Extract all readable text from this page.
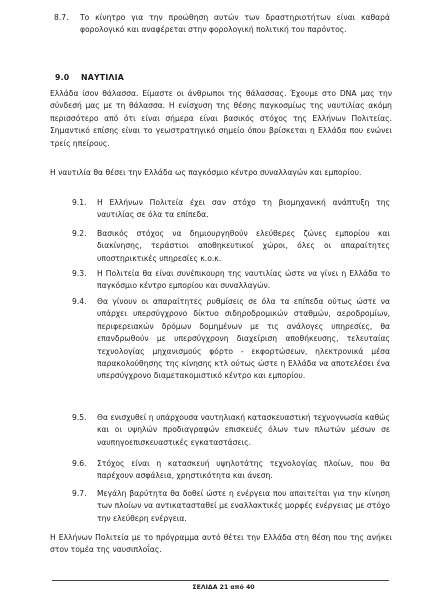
8.7. Το κίνητρο για την προώθηση αυτών των δραστηριοτήτων είναι καθαρά φορολογικό και αναφέρεται στην φορολογική πολιτική του παρόντος.
9.0 ΝΑΥΤΙΛΙΑ
Ελλάδα ίσον θάλασσα. Είμαστε οι άνθρωποι της θάλασσας. Έχουμε στο DNA μας την σύνδεσή μας με τη θάλασσα. Η ενίσχυση της θέσης παγκοσμίως της ναυτιλίας ακόμη περισσότερο από ότι είναι σήμερα είναι βασικός στόχος της Ελλήνων Πολιτείας. Σημαντικό επίσης είναι το γεωστρατηγικό σημείο όπου βρίσκεται η Ελλάδα που ενώνει τρείς ηπείρους.
Η ναυτιλία θα θέσει την Ελλάδα ως παγκόσμιο κέντρο συναλλαγών και εμπορίου.
9.1. Η Ελλήνων Πολιτεία έχει σαν στόχο τη βιομηχανική ανάπτυξη της ναυτιλίας σε όλα τα επίπεδα.
9.2. Βασικός στόχος να δημιουργηθούν ελεύθερες ζώνες εμπορίου και διακίνησης, τεράστιοι αποθηκευτικοί χώροι, όλες οι απαραίτητες υποστηρικτικές υπηρεσίες κ.ο.κ.
9.3. Η Πολιτεία θα είναι συνέπικουρη της ναυτιλίας ώστε να γίνει η Ελλάδα το παγκόσμιο κέντρο εμπορίου και συναλλαγών.
9.4. Θα γίνουν οι απαραίτητες ρυθμίσεις σε όλα τα επίπεδα ούτως ώστε να υπάρχει υπερσύγχρονο δίκτυο σιδηροδρομικών σταθμών, αεροδρομίων, περιφερειακών δρόμων δομημένων με τις ανάλογες υπηρεσίες, θα επανδρωθούν με υπερσύγχρονη διαχείριση αποθήκευσης, τελευταίας τεχνολογίας μηχανισμούς φόρτο - εκφορτώσεων, ηλεκτρονικά μέσα παρακολούθησης της κίνησης κτλ ούτως ώστε η Ελλάδα να αποτελέσει ένα υπερσύγχρονο διαμετακομιστικό κέντρο και εμπορίου.
9.5. Θα ενισχυθεί η υπάρχουσα ναυτηλιακή κατασκευαστική τεχνογνωσία καθώς και οι υψηλών προδιαγραφών επισκευές όλων των πλωτών μέσων σε ναυπηγοεπισκευαστικές εγκαταστάσεις.
9.6. Στόχος είναι η κατασκευή υψηλοτάτης τεχνολογίας πλοίων, που θα παρέχουν ασφάλεια, χρηστικότητα και άνεση.
9.7. Μεγάλη βαρύτητα θα δοθεί ώστε η ενέργεια που απαιτείται για την κίνηση των πλοίων να αντικατασταθεί με εναλλακτικές μορφές ενέργειας με στόχο την ελεύθερη ενέργεια.
Η Ελλήνων Πολιτεία με το πρόγραμμα αυτό θέτει την Ελλάδα στη θέση που της ανήκει στον τομέα της ναυσιπλοΐας.
ΣΕΛΙΔΑ 21 από 40
